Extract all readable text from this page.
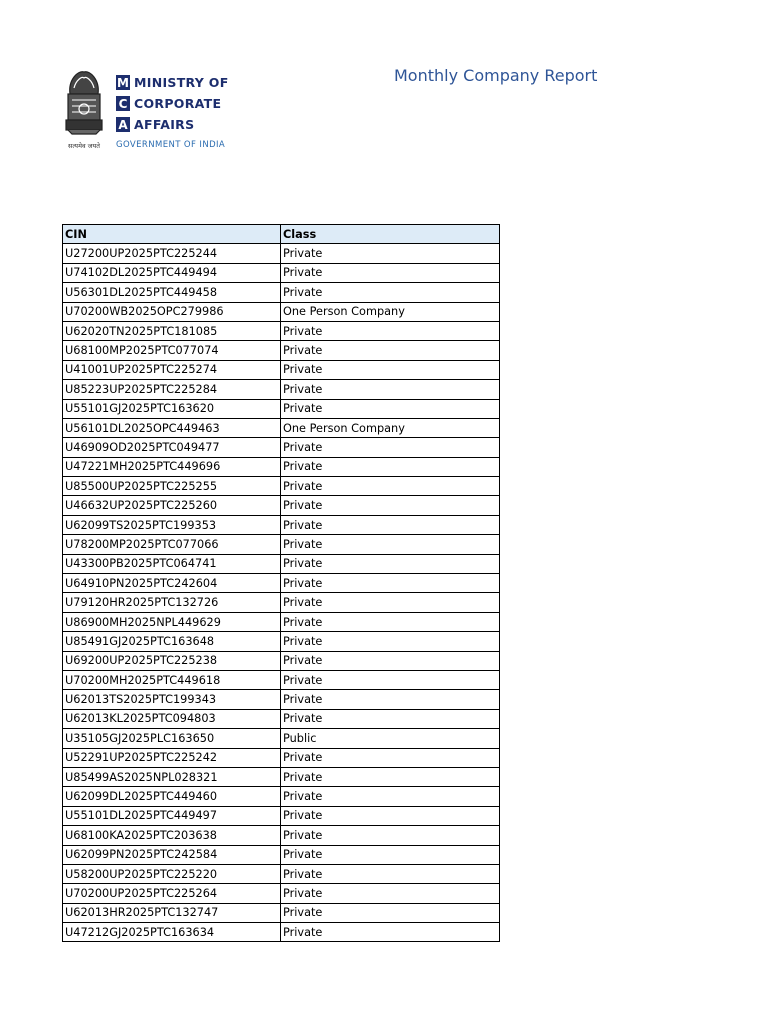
सत्यमेव जयते
M MINISTRY OF
C CORPORATE
A AFFAIRS
GOVERNMENT OF INDIA
Monthly Company Report
CIN	Class
U27200UP2025PTC225244	Private
U74102DL2025PTC449494	Private
U56301DL2025PTC449458	Private
U70200WB2025OPC279986	One Person Company
U62020TN2025PTC181085	Private
U68100MP2025PTC077074	Private
U41001UP2025PTC225274	Private
U85223UP2025PTC225284	Private
U55101GJ2025PTC163620	Private
U56101DL2025OPC449463	One Person Company
U46909OD2025PTC049477	Private
U47221MH2025PTC449696	Private
U85500UP2025PTC225255	Private
U46632UP2025PTC225260	Private
U62099TS2025PTC199353	Private
U78200MP2025PTC077066	Private
U43300PB2025PTC064741	Private
U64910PN2025PTC242604	Private
U79120HR2025PTC132726	Private
U86900MH2025NPL449629	Private
U85491GJ2025PTC163648	Private
U69200UP2025PTC225238	Private
U70200MH2025PTC449618	Private
U62013TS2025PTC199343	Private
U62013KL2025PTC094803	Private
U35105GJ2025PLC163650	Public
U52291UP2025PTC225242	Private
U85499AS2025NPL028321	Private
U62099DL2025PTC449460	Private
U55101DL2025PTC449497	Private
U68100KA2025PTC203638	Private
U62099PN2025PTC242584	Private
U58200UP2025PTC225220	Private
U70200UP2025PTC225264	Private
U62013HR2025PTC132747	Private
U47212GJ2025PTC163634	Private
